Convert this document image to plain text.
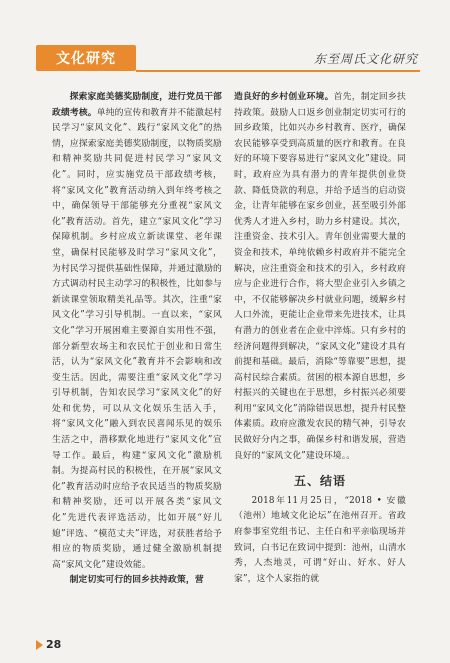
文化研究	东至周氏文化研究

探索家庭美德奖励制度，进行党员干部政绩考核。单纯的宣传和教育并不能激起村民学习“家风文化”、践行“家风文化”的热情，应探索家庭美德奖励制度，以物质奖励和精神奖励共同促进村民学习“家风文化”。同时，应实施党员干部政绩考核，将“家风文化”教育活动纳入到年终考核之中，确保领导干部能够充分重视“家风文化”教育活动。首先，建立“家风文化”学习保障机制。乡村应成立新读课堂、老年课堂，确保村民能够及时学习“家风文化”，为村民学习提供基础性保障，并通过激励的方式调动村民主动学习的积极性，比如参与新读课堂领取精美礼品等。其次，注重“家风文化”学习引导机制。一直以来，“家风文化”学习开展困难主要源自实用性不强，部分新型农场主和农民忙于创业和日常生活，认为“家风文化”教育并不会影响和改变生活。因此，需要注重“家风文化”学习引导机制，告知农民学习“家风文化”的好处和优势，可以从文化娱乐生活入手，将“家风文化”融入到农民喜闻乐见的娱乐生活之中，潜移默化地进行“家风文化”宣导工作。最后，构建“家风文化”激励机制。为提高村民的积极性，在开展“家风文化”教育活动时应给予农民适当的物质奖励和精神奖励，还可以开展各类“家风文化”先进代表评选活动，比如开展“好儿媳”评选、“模范丈夫”评选，对获胜者给予相应的物质奖励，通过健全激励机制提高“家风文化”建设效能。

制定切实可行的回乡扶持政策，营

造良好的乡村创业环境。首先，制定回乡扶持政策。鼓励人口返乡创业制定切实可行的回乡政策，比如兴办乡村教育、医疗，确保农民能够享受到高质量的医疗和教育。在良好的环境下要容易进行“家风文化”建设。同时，政府应为具有潜力的青年提供创业贷款、降低贷款的利息，并给予适当的启动资金，让青年能够在家乡创业，甚至吸引外部优秀人才进入乡村，助力乡村建设。其次，注重资金、技术引入。青年创业需要大量的资金和技术，单纯依赖乡村政府并不能完全解决，应注重资金和技术的引入，乡村政府应与企业进行合作，将大型企业引入乡镇之中，不仅能够解决乡村就业问题，缓解乡村人口外流，更能让企业带来先进技术，让具有潜力的创业者在企业中淬炼。只有乡村的经济问题得到解决，“家风文化”建设才具有前提和基础。最后，消除“等靠要”思想，提高村民综合素质。贫困的根本源自思想，乡村振兴的关键也在于思想，乡村振兴必须要利用“家风文化”消除错误思想，提升村民整体素质。政府应激发农民的精气神，引导农民做好分内之事，确保乡村和谐发展，营造良好的“家风文化”建设环境。。

五、结语

2018年11月25日，“2018 • 安徽（池州）地域文化论坛”在池州召开。省政府参事室党组书记、主任白和平亲临现场并致词，白书记在致词中提到：池州，山清水秀，人杰地灵，可谓“好山、好水、好人家”，这个人家指的就

28
